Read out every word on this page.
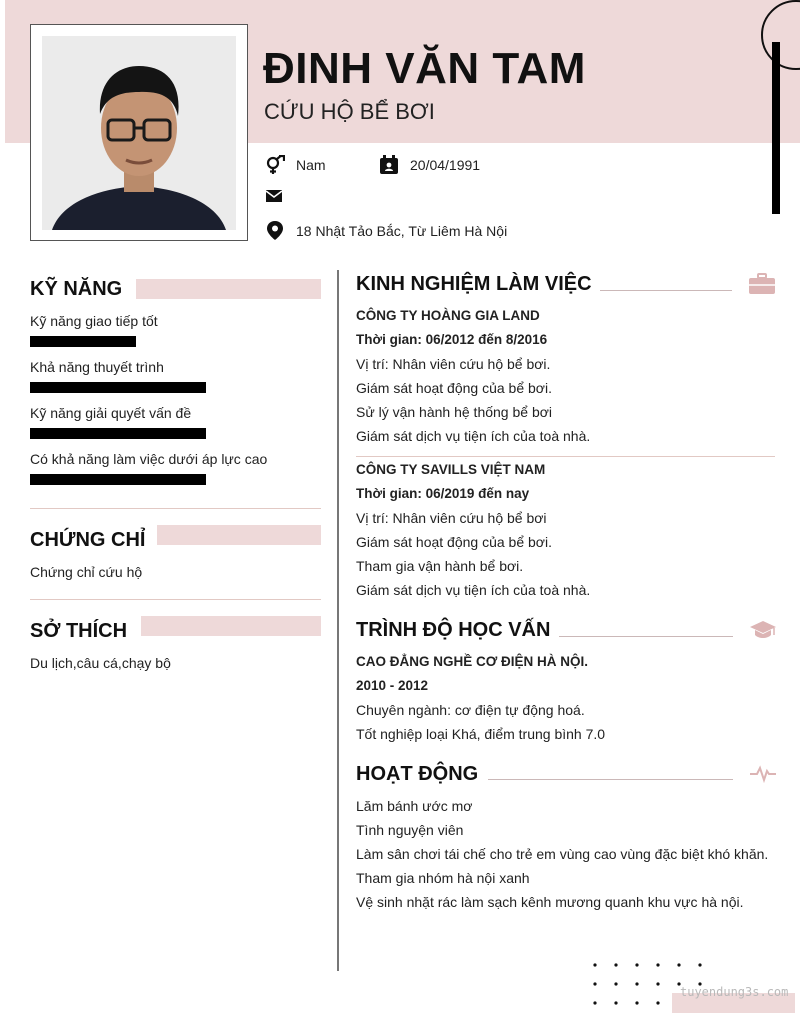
ĐINH VĂN TAM
CỨU HỘ BỂ BƠI
Nam	20/04/1991
18 Nhật Tảo Bắc, Từ Liêm Hà Nội
KỸ NĂNG
Kỹ năng giao tiếp tốt
Khả năng thuyết trình
Kỹ năng giải quyết vấn đề
Có khả năng làm việc dưới áp lực cao
CHỨNG CHỈ
Chứng chỉ cứu hộ
SỞ THÍCH
Du lịch,câu cá,chạy bộ
KINH NGHIỆM LÀM VIỆC
CÔNG TY HOÀNG GIA LAND
Thời gian: 06/2012 đến 8/2016
Vị trí: Nhân viên cứu hộ bể bơi.
Giám sát hoạt động của bể bơi.
Sử lý vận hành hệ thống bể bơi
Giám sát dịch vụ tiện ích của toà nhà.
CÔNG TY SAVILLS VIỆT NAM
Thời gian: 06/2019 đến nay
Vị trí: Nhân viên cứu hộ bể bơi
Giám sát hoạt động của bể bơi.
Tham gia vận hành bể bơi.
Giám sát dịch vụ tiện ích của toà nhà.
TRÌNH ĐỘ HỌC VẤN
CAO ĐẲNG NGHỀ CƠ ĐIỆN HÀ NỘI.
2010 - 2012
Chuyên ngành: cơ điện tự động hoá.
Tốt nghiệp loại Khá, điểm trung bình 7.0
HOẠT ĐỘNG
Lăm bánh ước mơ
Tình nguyện viên
Làm sân chơi tái chế cho trẻ em vùng cao vùng đặc biệt khó khăn.
Tham gia nhóm hà nội xanh
Vệ sinh nhặt rác làm sạch kênh mương quanh khu vực hà nội.
tuyendung3s.com
